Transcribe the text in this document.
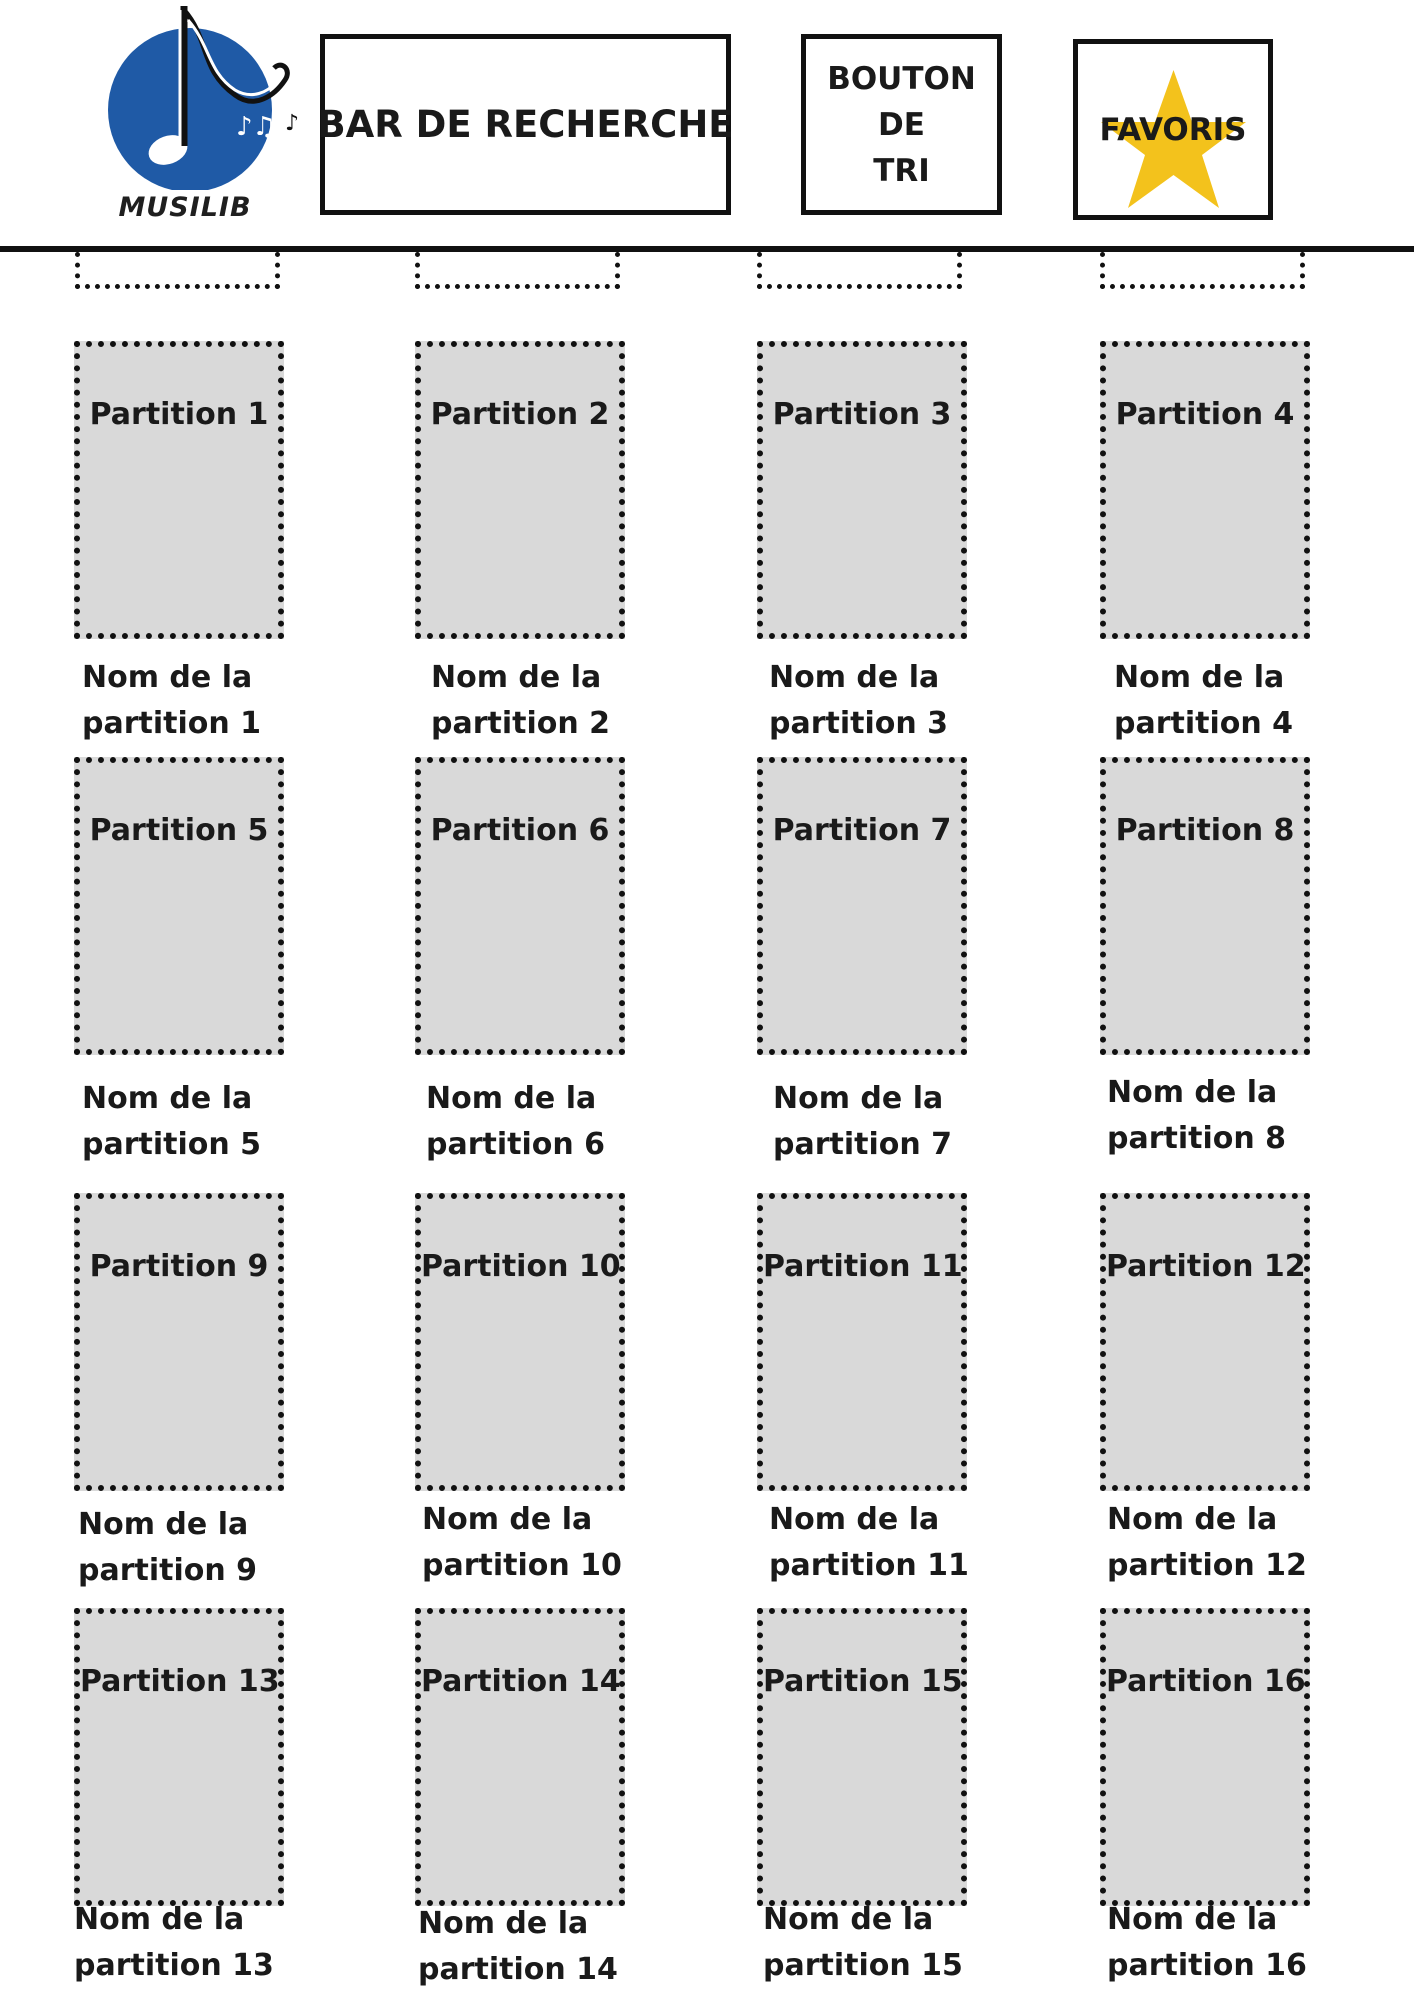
♪♫ ♪
MUSILIB
BAR DE RECHERCHE
BOUTON
DE
TRI
FAVORIS
Partition 1	Partition 2	Partition 3	Partition 4
Nom de la
partition 1
Nom de la
partition 2
Nom de la
partition 3
Nom de la
partition 4
Partition 5	Partition 6	Partition 7	Partition 8
Nom de la
partition 5
Nom de la
partition 6
Nom de la
partition 7
Nom de la
partition 8
Partition 9	Partition 10	Partition 11	Partition 12
Nom de la
partition 9
Nom de la
partition 10
Nom de la
partition 11
Nom de la
partition 12
Partition 13	Partition 14	Partition 15	Partition 16
Nom de la
partition 13
Nom de la
partition 14
Nom de la
partition 15
Nom de la
partition 16
